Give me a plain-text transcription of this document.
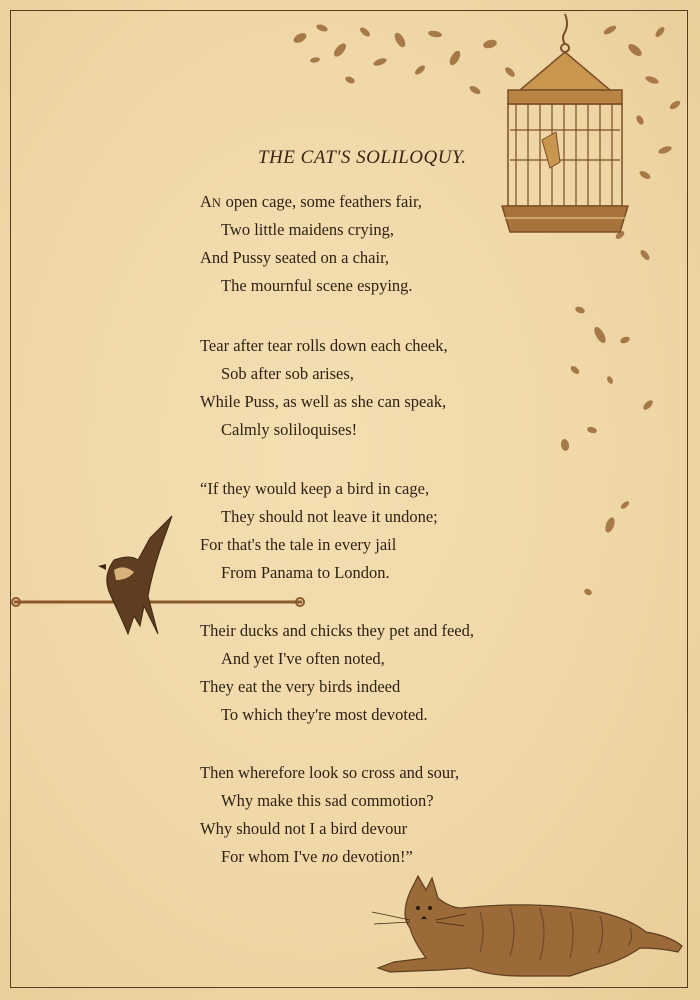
THE CAT'S SOLILOQUY.
AN open cage, some feathers fair,
Two little maidens crying,
And Pussy seated on a chair,
The mournful scene espying.
Tear after tear rolls down each cheek,
Sob after sob arises,
While Puss, as well as she can speak,
Calmly soliloquises!
“If they would keep a bird in cage,
They should not leave it undone;
For that's the tale in every jail
From Panama to London.
Their ducks and chicks they pet and feed,
And yet I've often noted,
They eat the very birds indeed
To which they're most devoted.
Then wherefore look so cross and sour,
Why make this sad commotion?
Why should not I a bird devour
For whom I've no devotion!”
